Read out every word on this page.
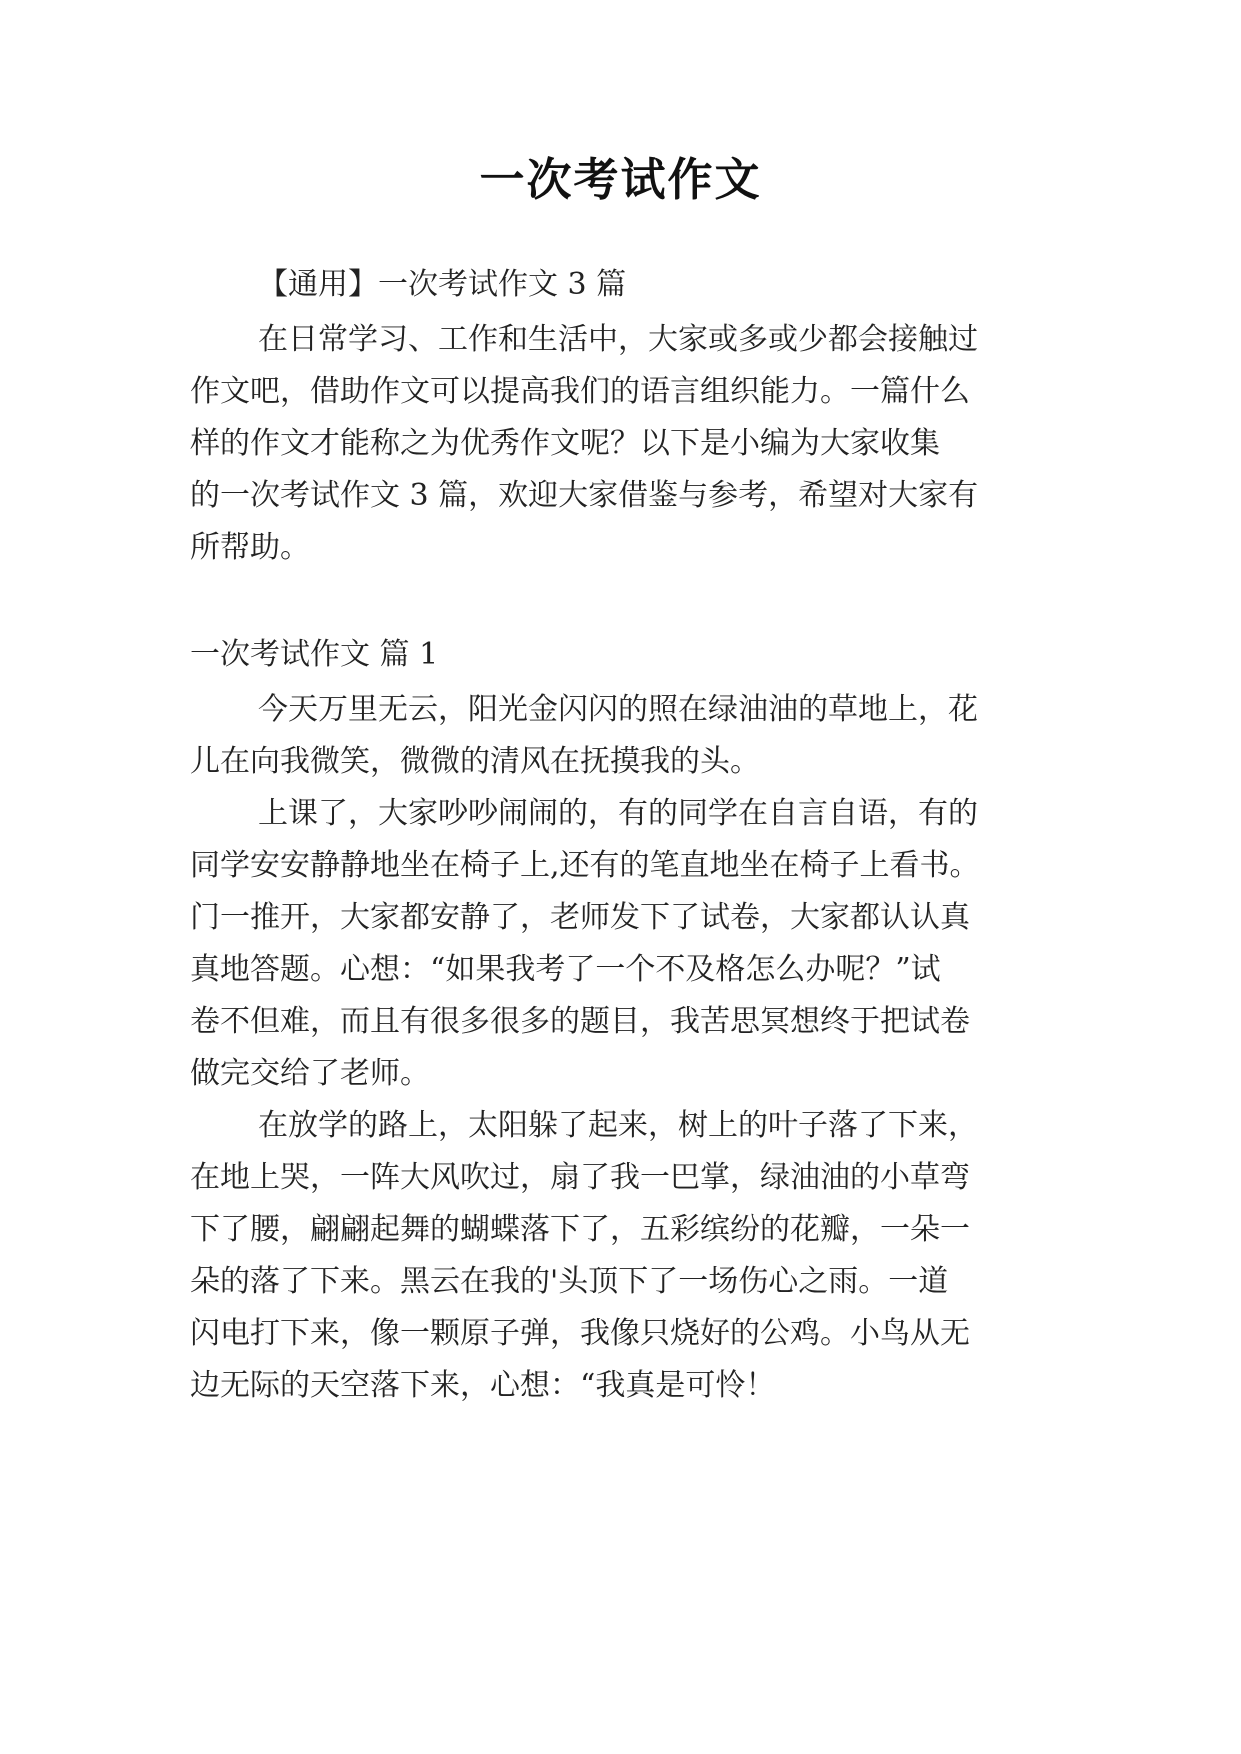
一次考试作文
【通用】一次考试作文 3 篇
在日常学习、工作和生活中，大家或多或少都会接触过
作文吧，借助作文可以提高我们的语言组织能力。一篇什么
样的作文才能称之为优秀作文呢？以下是小编为大家收集
的一次考试作文 3 篇，欢迎大家借鉴与参考，希望对大家有
所帮助。
一次考试作文 篇 1
今天万里无云，阳光金闪闪的照在绿油油的草地上，花
儿在向我微笑，微微的清风在抚摸我的头。
上课了，大家吵吵闹闹的，有的同学在自言自语，有的
同学安安静静地坐在椅子上,还有的笔直地坐在椅子上看书。
门一推开，大家都安静了，老师发下了试卷，大家都认认真
真地答题。心想：“如果我考了一个不及格怎么办呢？”试
卷不但难，而且有很多很多的题目，我苦思冥想终于把试卷
做完交给了老师。
在放学的路上，太阳躲了起来，树上的叶子落了下来，
在地上哭，一阵大风吹过，扇了我一巴掌，绿油油的小草弯
下了腰，翩翩起舞的蝴蝶落下了，五彩缤纷的花瓣，一朵一
朵的落了下来。黑云在我的'头顶下了一场伤心之雨。一道
闪电打下来，像一颗原子弹，我像只烧好的公鸡。小鸟从无
边无际的天空落下来，心想：“我真是可怜！
